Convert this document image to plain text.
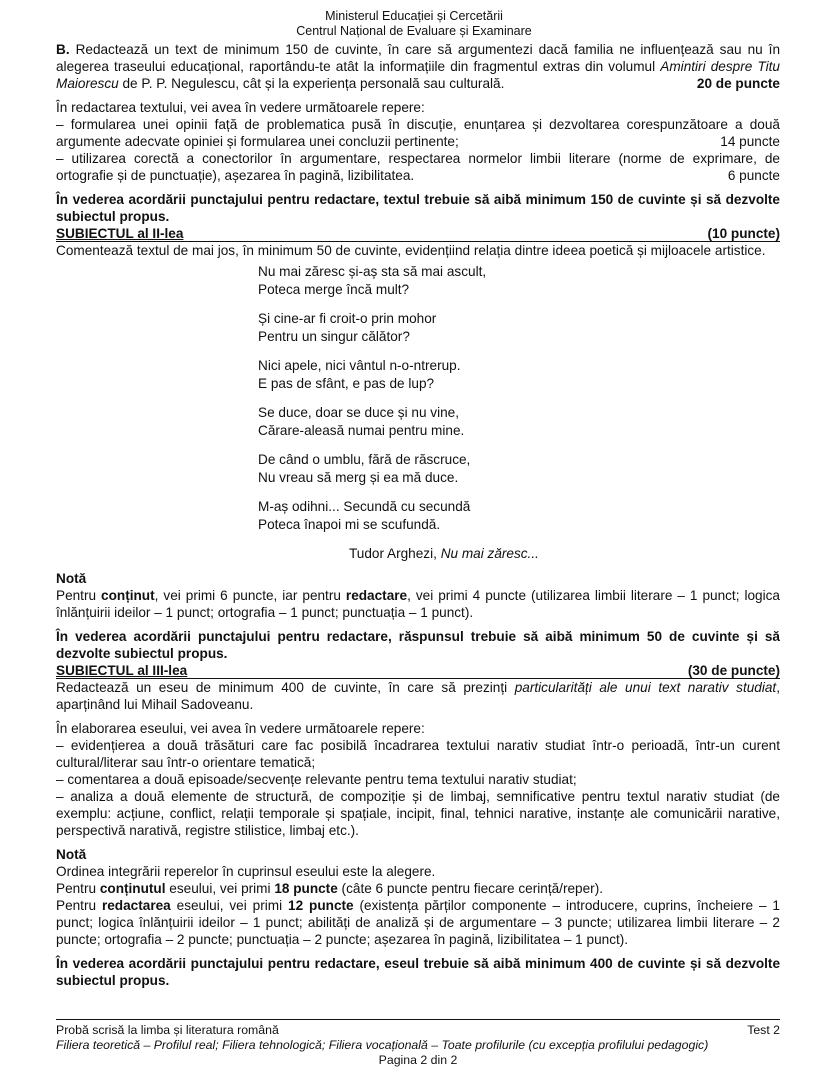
Ministerul Educației și Cercetării
Centrul Național de Evaluare și Examinare

B. Redactează un text de minimum 150 de cuvinte, în care să argumentezi dacă familia ne influențează sau nu în alegerea traseului educațional, raportându-te atât la informațiile din fragmentul extras din volumul Amintiri despre Titu Maiorescu de P. P. Negulescu, cât și la experiența personală sau culturală.	20 de puncte

În redactarea textului, vei avea în vedere următoarele repere:

– formularea unei opinii față de problematica pusă în discuție, enunțarea și dezvoltarea corespunzătoare a două argumente adecvate opiniei și formularea unei concluzii pertinente;	14 puncte

– utilizarea corectă a conectorilor în argumentare, respectarea normelor limbii literare (norme de exprimare, de ortografie și de punctuație), așezarea în pagină, lizibilitatea.	6 puncte

În vederea acordării punctajului pentru redactare, textul trebuie să aibă minimum 150 de cuvinte și să dezvolte subiectul propus.

SUBIECTUL al II-lea	(10 puncte)

Comentează textul de mai jos, în minimum 50 de cuvinte, evidențiind relația dintre ideea poetică și mijloacele artistice.

Nu mai zăresc și-aș sta să mai ascult,

Poteca merge încă mult?

Și cine-ar fi croit-o prin mohor

Pentru un singur călător?

Nici apele, nici vântul n-o-ntrerup.

E pas de sfânt, e pas de lup?

Se duce, doar se duce și nu vine,

Cărare-aleasă numai pentru mine.

De când o umblu, fără de răscruce,

Nu vreau să merg și ea mă duce.

M-aș odihni... Secundă cu secundă

Poteca înapoi mi se scufundă.

Tudor Arghezi, Nu mai zăresc...

Notă

Pentru conținut, vei primi 6 puncte, iar pentru redactare, vei primi 4 puncte (utilizarea limbii literare – 1 punct; logica înlănțuirii ideilor – 1 punct; ortografia – 1 punct; punctuația – 1 punct).

În vederea acordării punctajului pentru redactare, răspunsul trebuie să aibă minimum 50 de cuvinte și să dezvolte subiectul propus.

SUBIECTUL al III-lea	(30 de puncte)

Redactează un eseu de minimum 400 de cuvinte, în care să prezinți particularități ale unui text narativ studiat, aparținând lui Mihail Sadoveanu.

În elaborarea eseului, vei avea în vedere următoarele repere:

– evidențierea a două trăsături care fac posibilă încadrarea textului narativ studiat într-o perioadă, într-un curent cultural/literar sau într-o orientare tematică;

– comentarea a două episoade/secvențe relevante pentru tema textului narativ studiat;

– analiza a două elemente de structură, de compoziție și de limbaj, semnificative pentru textul narativ studiat (de exemplu: acțiune, conflict, relații temporale și spațiale, incipit, final, tehnici narative, instanțe ale comunicării narative, perspectivă narativă, registre stilistice, limbaj etc.).

Notă

Ordinea integrării reperelor în cuprinsul eseului este la alegere.

Pentru conținutul eseului, vei primi 18 puncte (câte 6 puncte pentru fiecare cerință/reper).

Pentru redactarea eseului, vei primi 12 puncte (existența părților componente – introducere, cuprins, încheiere – 1 punct; logica înlănțuirii ideilor – 1 punct; abilități de analiză și de argumentare – 3 puncte; utilizarea limbii literare – 2 puncte; ortografia – 2 puncte; punctuația – 2 puncte; așezarea în pagină, lizibilitatea – 1 punct).

În vederea acordării punctajului pentru redactare, eseul trebuie să aibă minimum 400 de cuvinte și să dezvolte subiectul propus.

Probă scrisă la limba și literatura română	Test 2
Filiera teoretică – Profilul real; Filiera tehnologică; Filiera vocațională – Toate profilurile (cu excepția profilului pedagogic)
Pagina 2 din 2
